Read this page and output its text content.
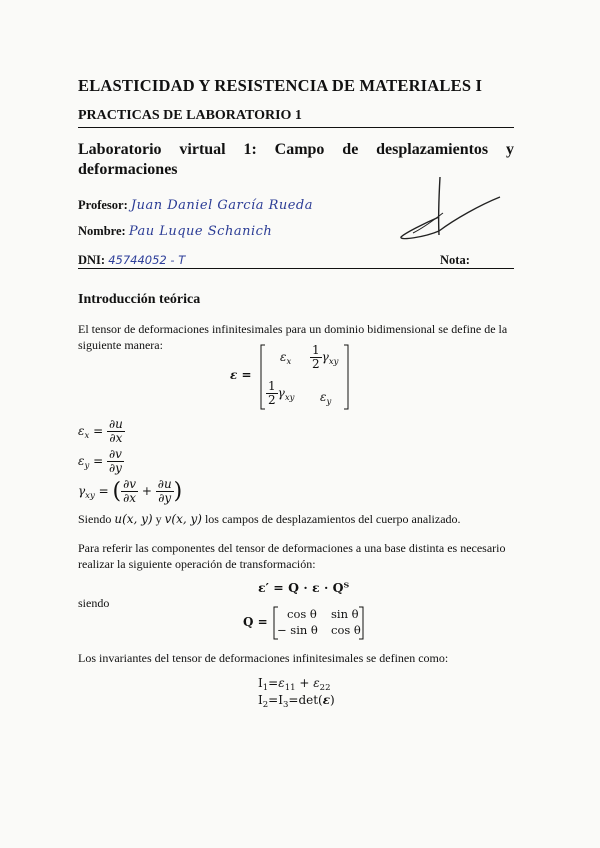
ELASTICIDAD Y RESISTENCIA DE MATERIALES I
PRACTICAS DE LABORATORIO 1
Laboratorio virtual 1: Campo de desplazamientos y deformaciones
Profesor: Juan Daniel García Rueda
Nombre: Pau Luque Schanich
DNI: 45744052 - T	Nota:
Introducción teórica
El tensor de deformaciones infinitesimales para un dominio bidimensional se define de la siguiente manera:
ε =
$\varepsilon_x \frac{1}{2} \gamma_{xy}$
$\frac{1}{2} \gamma_{xy}$ $\varepsilon_y$
$\varepsilon_x = \frac{\partial u}{\partial x}$
$\varepsilon_y = \frac{\partial v}{\partial y}$
$\gamma_{xy}$ = ( $\frac{\partial v}{\partial x} + \frac{\partial u}{\partial y}$ )
Siendo u(x, y) y v(x, y) los campos de desplazamientos del cuerpo analizado.
Para referir las componentes del tensor de deformaciones a una base distinta es necesario realizar la siguiente operación de transformación:
ε′ = Q · ε · Qᵀ
siendo
Q =
cos θ sin θ
− sin θ cos θ
Los invariantes del tensor de deformaciones infinitesimales se definen como:
$I_1=\varepsilon_{11} + \varepsilon_{22}$
$I_2=I_3=\det(\varepsilon)$
